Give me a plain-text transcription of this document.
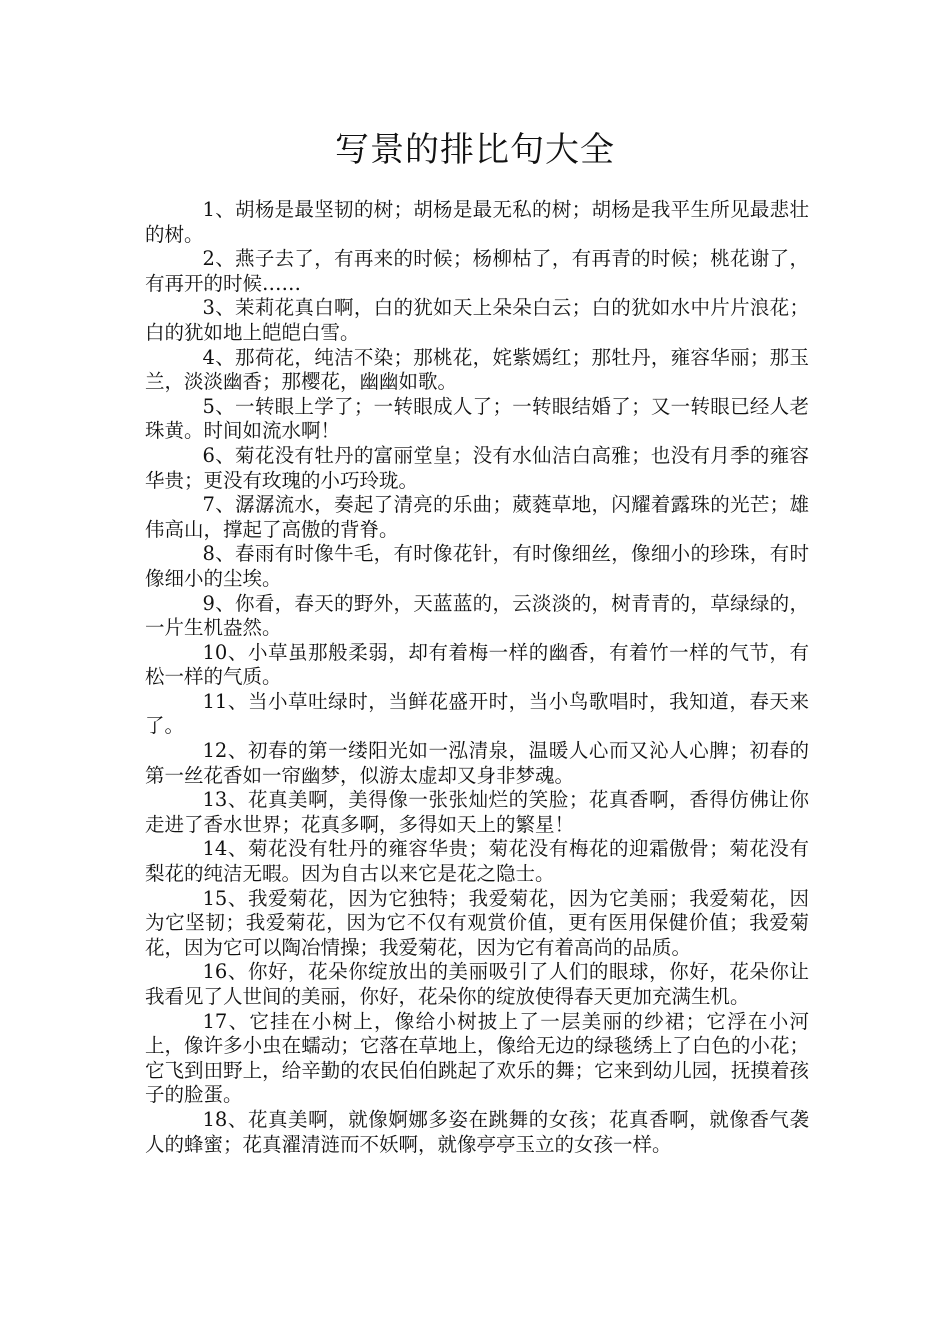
写景的排比句大全

1、胡杨是最坚韧的树；胡杨是最无私的树；胡杨是我平生所见最悲壮的树。

2、燕子去了，有再来的时候；杨柳枯了，有再青的时候；桃花谢了，有再开的时候……

3、茉莉花真白啊，白的犹如天上朵朵白云；白的犹如水中片片浪花；白的犹如地上皑皑白雪。

4、那荷花，纯洁不染；那桃花，姹紫嫣红；那牡丹，雍容华丽；那玉兰，淡淡幽香；那樱花，幽幽如歌。

5、一转眼上学了；一转眼成人了；一转眼结婚了；又一转眼已经人老珠黄。时间如流水啊！

6、菊花没有牡丹的富丽堂皇；没有水仙洁白高雅；也没有月季的雍容华贵；更没有玫瑰的小巧玲珑。

7、潺潺流水，奏起了清亮的乐曲；葳蕤草地，闪耀着露珠的光芒；雄伟高山，撑起了高傲的背脊。

8、春雨有时像牛毛，有时像花针，有时像细丝，像细小的珍珠，有时像细小的尘埃。

9、你看，春天的野外，天蓝蓝的，云淡淡的，树青青的，草绿绿的，一片生机盎然。

10、小草虽那般柔弱，却有着梅一样的幽香，有着竹一样的气节，有松一样的气质。

11、当小草吐绿时，当鲜花盛开时，当小鸟歌唱时，我知道，春天来了。

12、初春的第一缕阳光如一泓清泉，温暖人心而又沁人心脾；初春的第一丝花香如一帘幽梦，似游太虚却又身非梦魂。

13、花真美啊，美得像一张张灿烂的笑脸；花真香啊，香得仿佛让你走进了香水世界；花真多啊，多得如天上的繁星！

14、菊花没有牡丹的雍容华贵；菊花没有梅花的迎霜傲骨；菊花没有梨花的纯洁无暇。因为自古以来它是花之隐士。

15、我爱菊花，因为它独特；我爱菊花，因为它美丽；我爱菊花，因为它坚韧；我爱菊花，因为它不仅有观赏价值，更有医用保健价值；我爱菊花，因为它可以陶冶情操；我爱菊花，因为它有着高尚的品质。

16、你好，花朵你绽放出的美丽吸引了人们的眼球，你好，花朵你让我看见了人世间的美丽，你好，花朵你的绽放使得春天更加充满生机。

17、它挂在小树上，像给小树披上了一层美丽的纱裙；它浮在小河上，像许多小虫在蠕动；它落在草地上，像给无边的绿毯绣上了白色的小花；它飞到田野上，给辛勤的农民伯伯跳起了欢乐的舞；它来到幼儿园，抚摸着孩子的脸蛋。

18、花真美啊，就像婀娜多姿在跳舞的女孩；花真香啊，就像香气袭人的蜂蜜；花真濯清涟而不妖啊，就像亭亭玉立的女孩一样。
